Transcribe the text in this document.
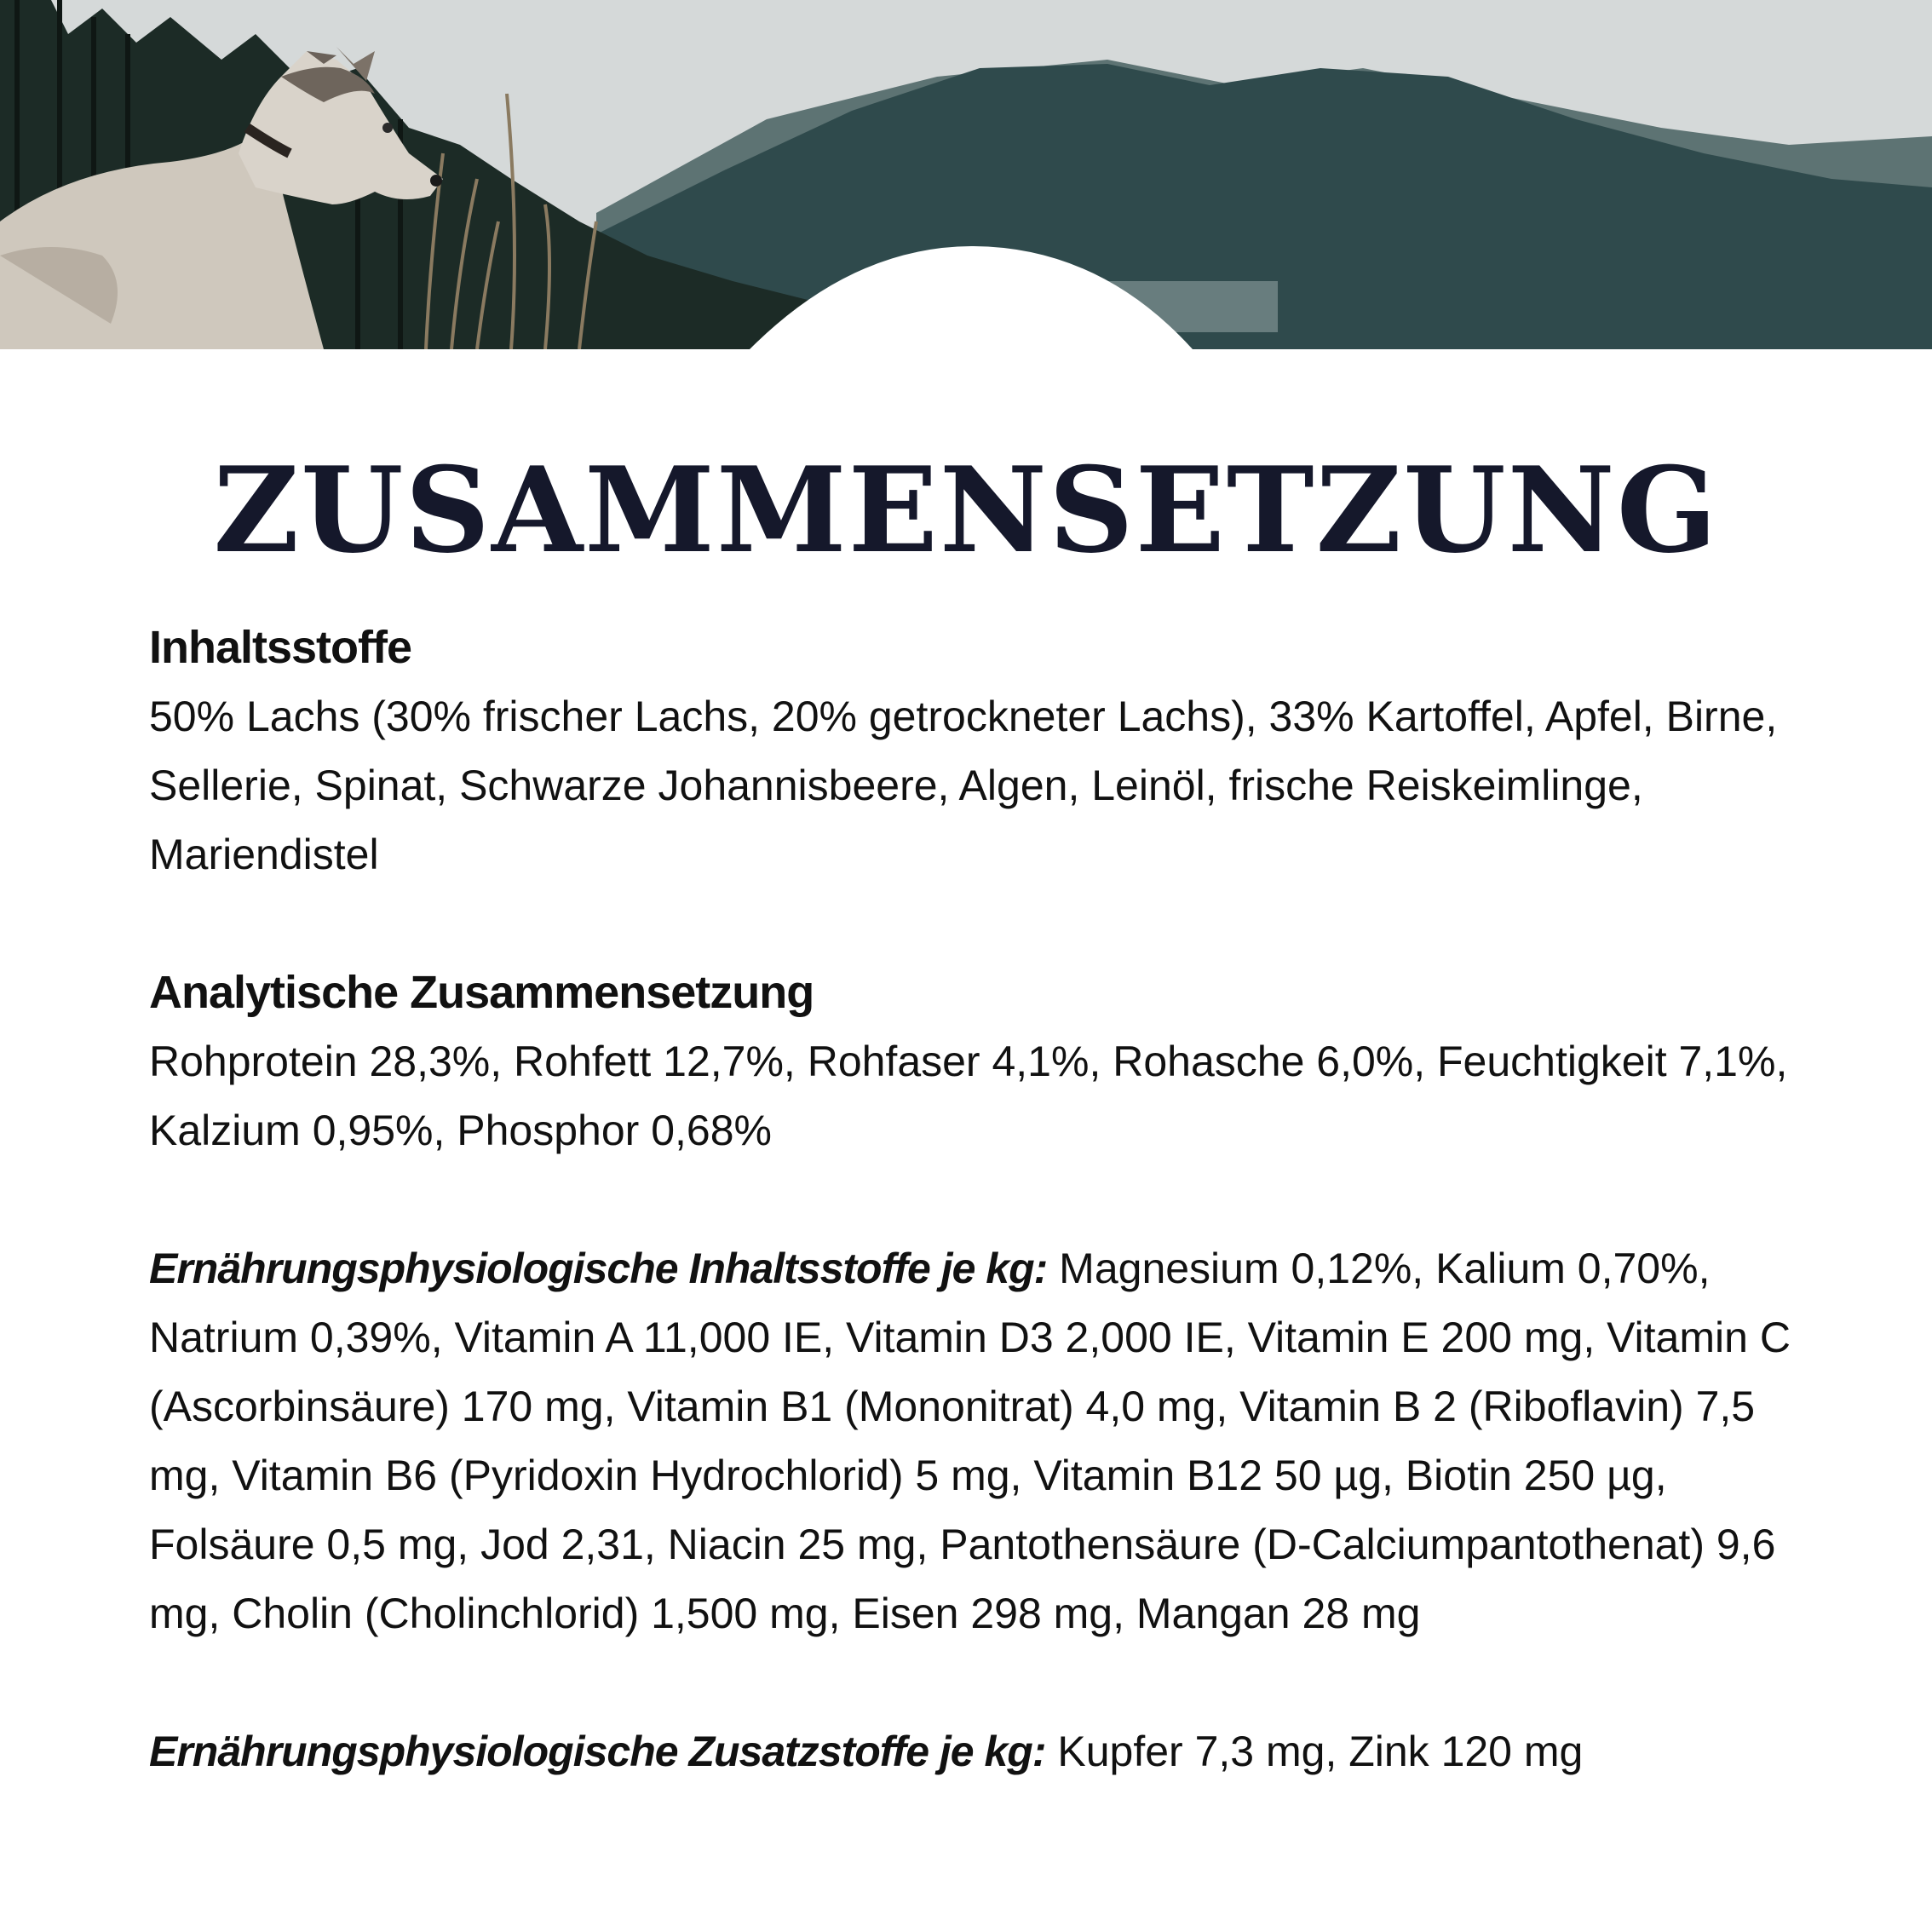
ZUSAMMENSETZUNG

Inhaltsstoffe

50% Lachs (30% frischer Lachs, 20% getrockneter Lachs), 33% Kartoffel, Apfel, Birne, Sellerie, Spinat, Schwarze Johannisbeere, Algen, Leinöl, frische Reiskeimlinge, Mariendistel

Analytische Zusammensetzung

Rohprotein 28,3%, Rohfett 12,7%, Rohfaser 4,1%, Rohasche 6,0%, Feuchtigkeit 7,1%, Kalzium 0,95%, Phosphor 0,68%

Ernährungsphysiologische Inhaltsstoffe je kg: Magnesium 0,12%, Kalium 0,70%, Natrium 0,39%, Vitamin A 11,000 IE, Vitamin D3 2,000 IE, Vitamin E 200 mg, Vitamin C (Ascorbinsäure) 170 mg, Vitamin B1 (Mononitrat) 4,0 mg, Vitamin B 2 (Riboflavin) 7,5 mg, Vitamin B6 (Pyridoxin Hydrochlorid) 5 mg, Vitamin B12 50 µg, Biotin 250 µg, Folsäure 0,5 mg, Jod 2,31, Niacin 25 mg, Pantothensäure (D-Calciumpantothenat) 9,6 mg, Cholin (Cholinchlorid) 1,500 mg, Eisen 298 mg, Mangan 28 mg

Ernährungsphysiologische Zusatzstoffe je kg: Kupfer 7,3 mg, Zink 120 mg
